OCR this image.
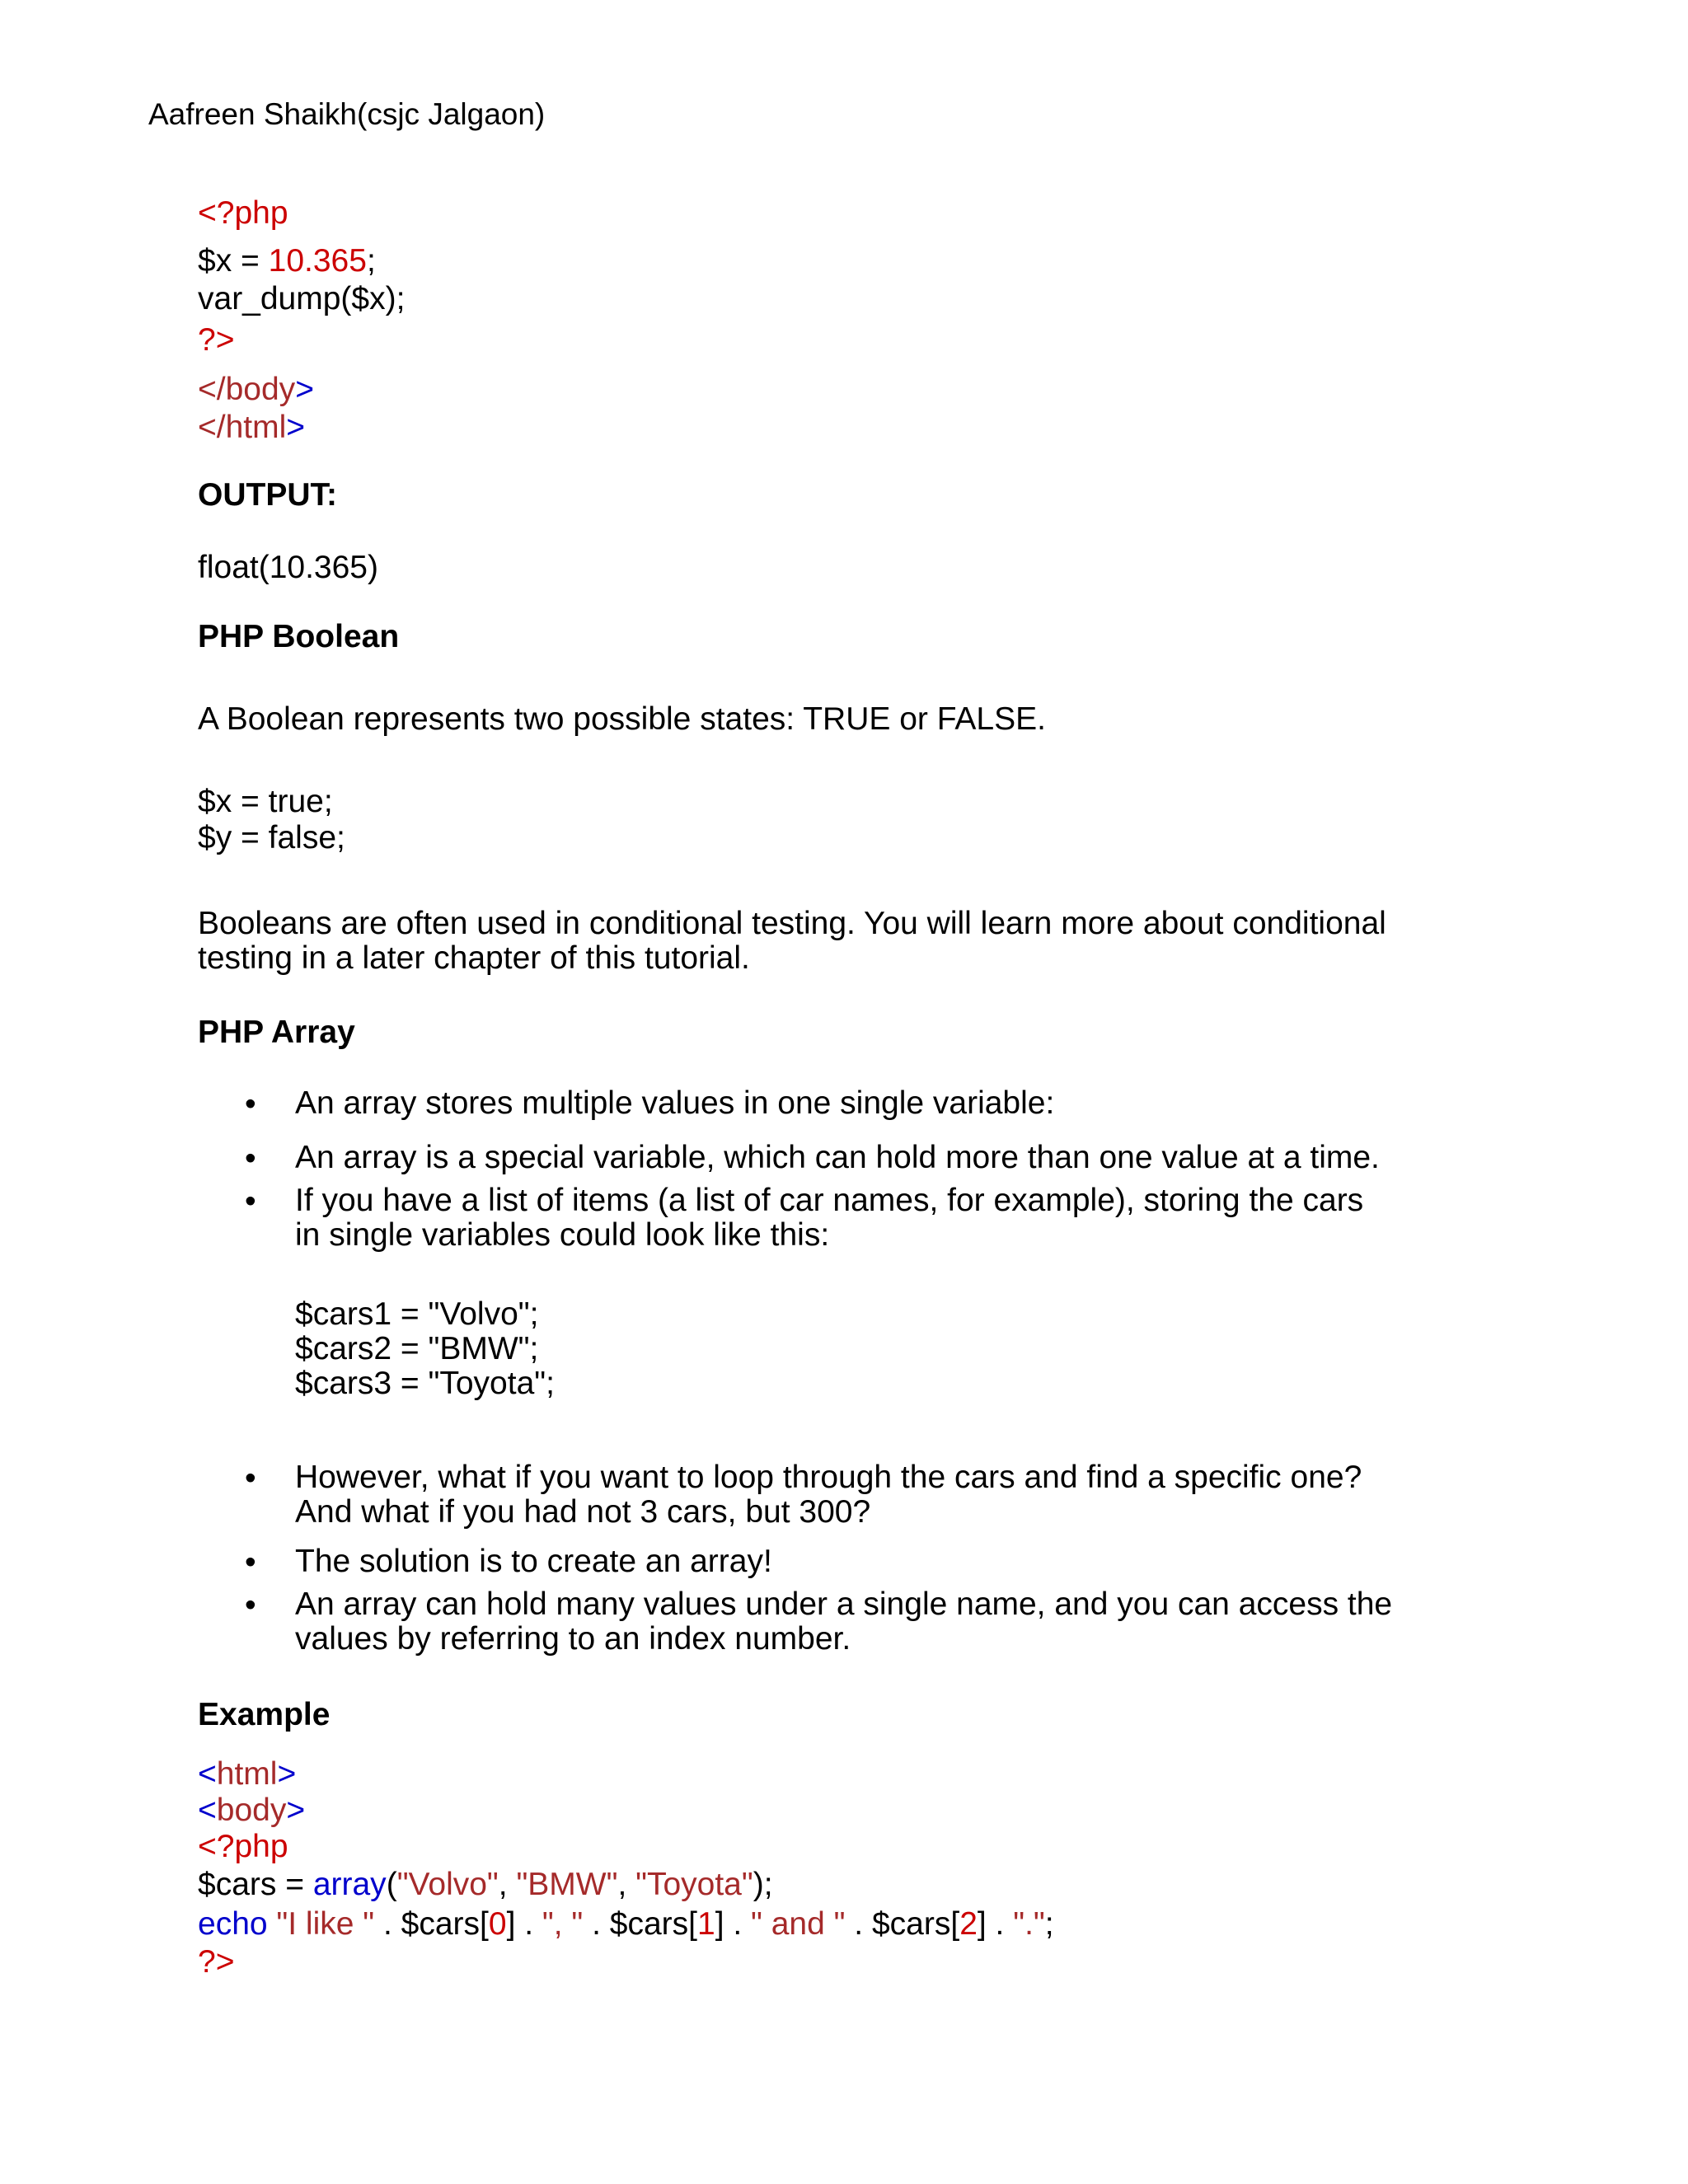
Aafreen Shaikh(csjc Jalgaon)
<?php
$x = 10.365;
var_dump($x);
?>
</body>
</html>
OUTPUT:
float(10.365)
PHP Boolean
A Boolean represents two possible states: TRUE or FALSE.
$x = true;
$y = false;
Booleans are often used in conditional testing. You will learn more about conditional
testing in a later chapter of this tutorial.
PHP Array
• An array stores multiple values in one single variable:
• An array is a special variable, which can hold more than one value at a time.
• If you have a list of items (a list of car names, for example), storing the cars
in single variables could look like this:
$cars1 = "Volvo";
$cars2 = "BMW";
$cars3 = "Toyota";
• However, what if you want to loop through the cars and find a specific one?
And what if you had not 3 cars, but 300?
• The solution is to create an array!
• An array can hold many values under a single name, and you can access the
values by referring to an index number.
Example
<html>
<body>
<?php
$cars = array("Volvo", "BMW", "Toyota");
echo "I like " . $cars[0] . ", " . $cars[1] . " and " . $cars[2] . ".";
?>
